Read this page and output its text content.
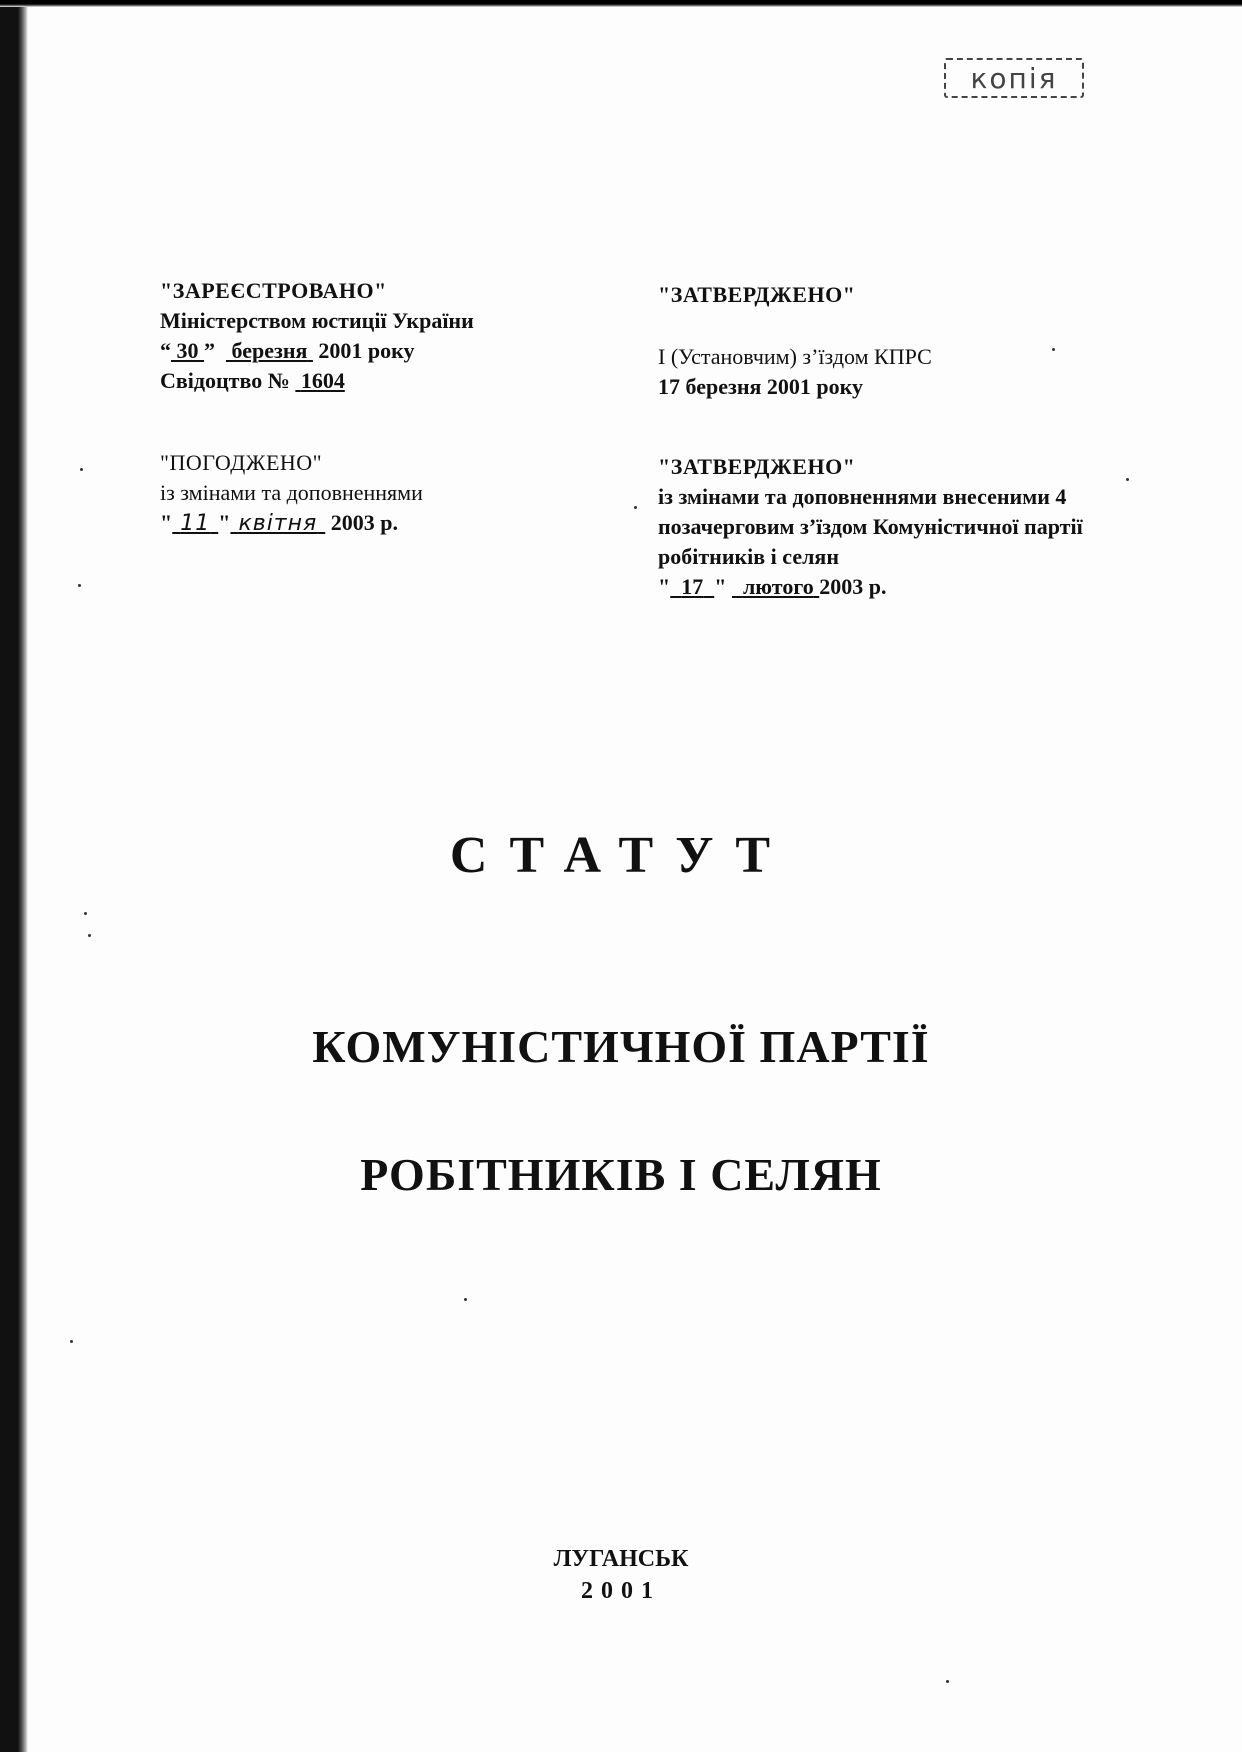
копія
"ЗАРЕЄСТРОВАНО"
Міністерством юстиції України
“ 30 ” березня 2001 року
Свідоцтво № 1604
"ЗАТВЕРДЖЕНО"
І (Установчим) з’їздом КПРС
17 березня 2001 року
"ПОГОДЖЕНО"
із змінами та доповненнями
" 11 " квітня 2003 р.
"ЗАТВЕРДЖЕНО"
із змінами та доповненнями внесеними 4
позачерговим з’їздом Комуністичної партії
робітників і селян
" 17 " лютого 2003 р.
СТАТУТ
КОМУНІСТИЧНОЇ ПАРТІЇ
РОБІТНИКІВ І СЕЛЯН
ЛУГАНСЬК
2001
